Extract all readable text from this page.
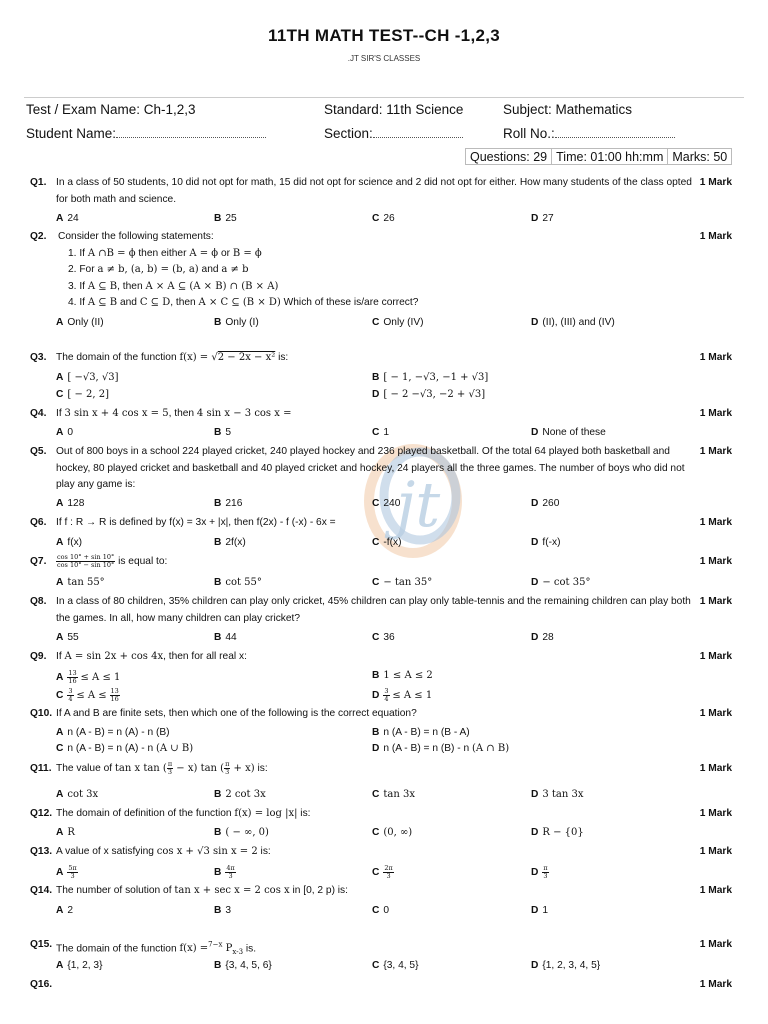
11TH MATH TEST--CH -1,2,3
.JT SIR'S CLASSES
Test / Exam Name: Ch-1,2,3	Standard: 11th Science	Subject: Mathematics
Student Name:	Section:	Roll No.:
Questions: 29 Time: 01:00 hh:mm Marks: 50
jt
Q1. In a class of 50 students, 10 did not opt for math, 15 did not opt for science and 2 did not opt for either. How many students of the class opted for both math and science.
1 Mark
A 24	B 25	C 26	D 27
Q2. Consider the following statements:
1. If A ∩B = ϕ then either A = ϕ or B = ϕ
2. For a ≠ b, (a, b) = (b, a) and a ≠ b
3. If A ⊆ B, then A × A ⊆ (A × B) ∩ (B × A)
4. If A ⊆ B and C ⊆ D, then A × C ⊆ (B × D) Which of these is/are correct?
1 Mark
A Only (II)	B Only (I)	C Only (IV)	D (II), (III) and (IV)
Q3. The domain of the function f(x) = √2 − 2x − x² is:	1 Mark
A [ −√3, √3]	B [ − 1, −√3, −1 + √3]
C [ − 2, 2]	D [ − 2 −√3, −2 + √3]
Q4. If 3 sin x + 4 cos x = 5, then 4 sin x − 3 cos x =	1 Mark
A 0	B 5	C 1	D None of these
Q5. Out of 800 boys in a school 224 played cricket, 240 played hockey and 236 played basketball. Of the total 64 played both basketball and hockey, 80 played cricket and basketball and 40 played cricket and hockey, 24 players all the three games. The number of boys who did not play any game is:
1 Mark
A 128	B 216	C 240	D 260
Q6. If f : R → R is defined by f(x) = 3x + |x|, then f(2x) - f (-x) - 6x =	1 Mark
A f(x)	B 2f(x)	C -f(x)	D f(-x)
Q7. $\frac{\cos 10^\circ + \sin 10^\circ}{\cos 10^\circ - \sin 10^\circ}$ is equal to:	1 Mark
A tan 55°	B cot 55°	C − tan 35°	D − cot 35°
Q8. In a class of 80 children, 35% children can play only cricket, 45% children can play only table-tennis and the remaining children can play both the games. In all, how many children can play cricket?
1 Mark
A 55	B 44	C 36	D 28
Q9. If A = sin 2x + cos 4x, then for all real x:	1 Mark
A $\frac{13}{16} \le A \le 1$	B 1 ≤ A ≤ 2
C $\frac{3}{4} \le A \le \frac{13}{16}$	D $\frac{3}{4} \le A \le 1$
Q10. If A and B are finite sets, then which one of the following is the correct equation?	1 Mark
A n (A - B) = n (A) - n (B)	B n (A - B) = n (B - A)
C n (A - B) = n (A) - n (A ∪ B)	D n (A - B) = n (B) - n (A ∩ B)
Q11. The value of tan x tan ( $\frac{\pi}{3} - x$) tan ( $\frac{\pi}{3} + x$) is:	1 Mark
A cot 3x	B 2 cot 3x	C tan 3x	D 3 tan 3x
Q12. The domain of definition of the function f(x) = log |x| is:	1 Mark
A R	B ( − ∞, 0)	C (0, ∞)	D R − {0}
Q13. A value of x satisfying cos x + √3 sin x = 2 is:	1 Mark
A $\frac{5\pi}{3}$	B $\frac{4\pi}{3}$	C $\frac{2\pi}{3}$	D $\frac{\pi}{3}$
Q14. The number of solution of tan x + sec x = 2 cos x in [0, 2 p) is:	1 Mark
A 2	B 3	C 0	D 1
Q15. The domain of the function f(x) =$^{7-x}$ $P_{x-3}$ is.	1 Mark
A {1, 2, 3}	B {3, 4, 5, 6}	C {3, 4, 5}	D {1, 2, 3, 4, 5}
Q16.	1 Mark
